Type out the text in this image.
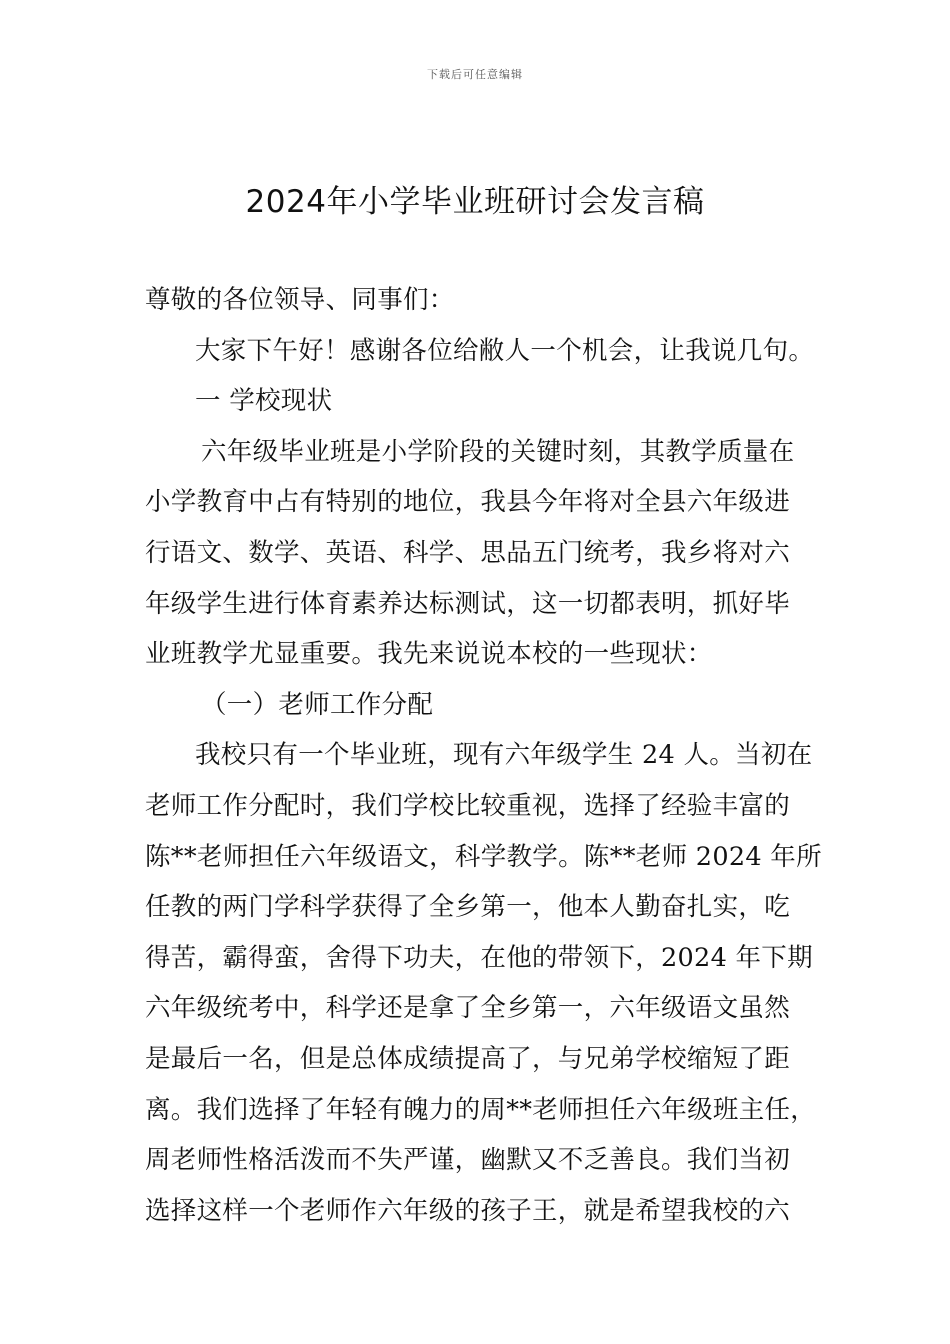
下载后可任意编辑
2024年小学毕业班研讨会发言稿
尊敬的各位领导、同事们：
大家下午好！感谢各位给敝人一个机会，让我说几句。
一 学校现状
六年级毕业班是小学阶段的关键时刻，其教学质量在
小学教育中占有特别的地位，我县今年将对全县六年级进
行语文、数学、英语、科学、思品五门统考，我乡将对六
年级学生进行体育素养达标测试，这一切都表明，抓好毕
业班教学尤显重要。我先来说说本校的一些现状：
（一）老师工作分配
我校只有一个毕业班，现有六年级学生 24 人。当初在
老师工作分配时，我们学校比较重视，选择了经验丰富的
陈**老师担任六年级语文，科学教学。陈**老师 2024 年所
任教的两门学科学获得了全乡第一，他本人勤奋扎实，吃
得苦，霸得蛮，舍得下功夫，在他的带领下，2024 年下期
六年级统考中，科学还是拿了全乡第一，六年级语文虽然
是最后一名，但是总体成绩提高了，与兄弟学校缩短了距
离。我们选择了年轻有魄力的周**老师担任六年级班主任，
周老师性格活泼而不失严谨，幽默又不乏善良。我们当初
选择这样一个老师作六年级的孩子王，就是希望我校的六
